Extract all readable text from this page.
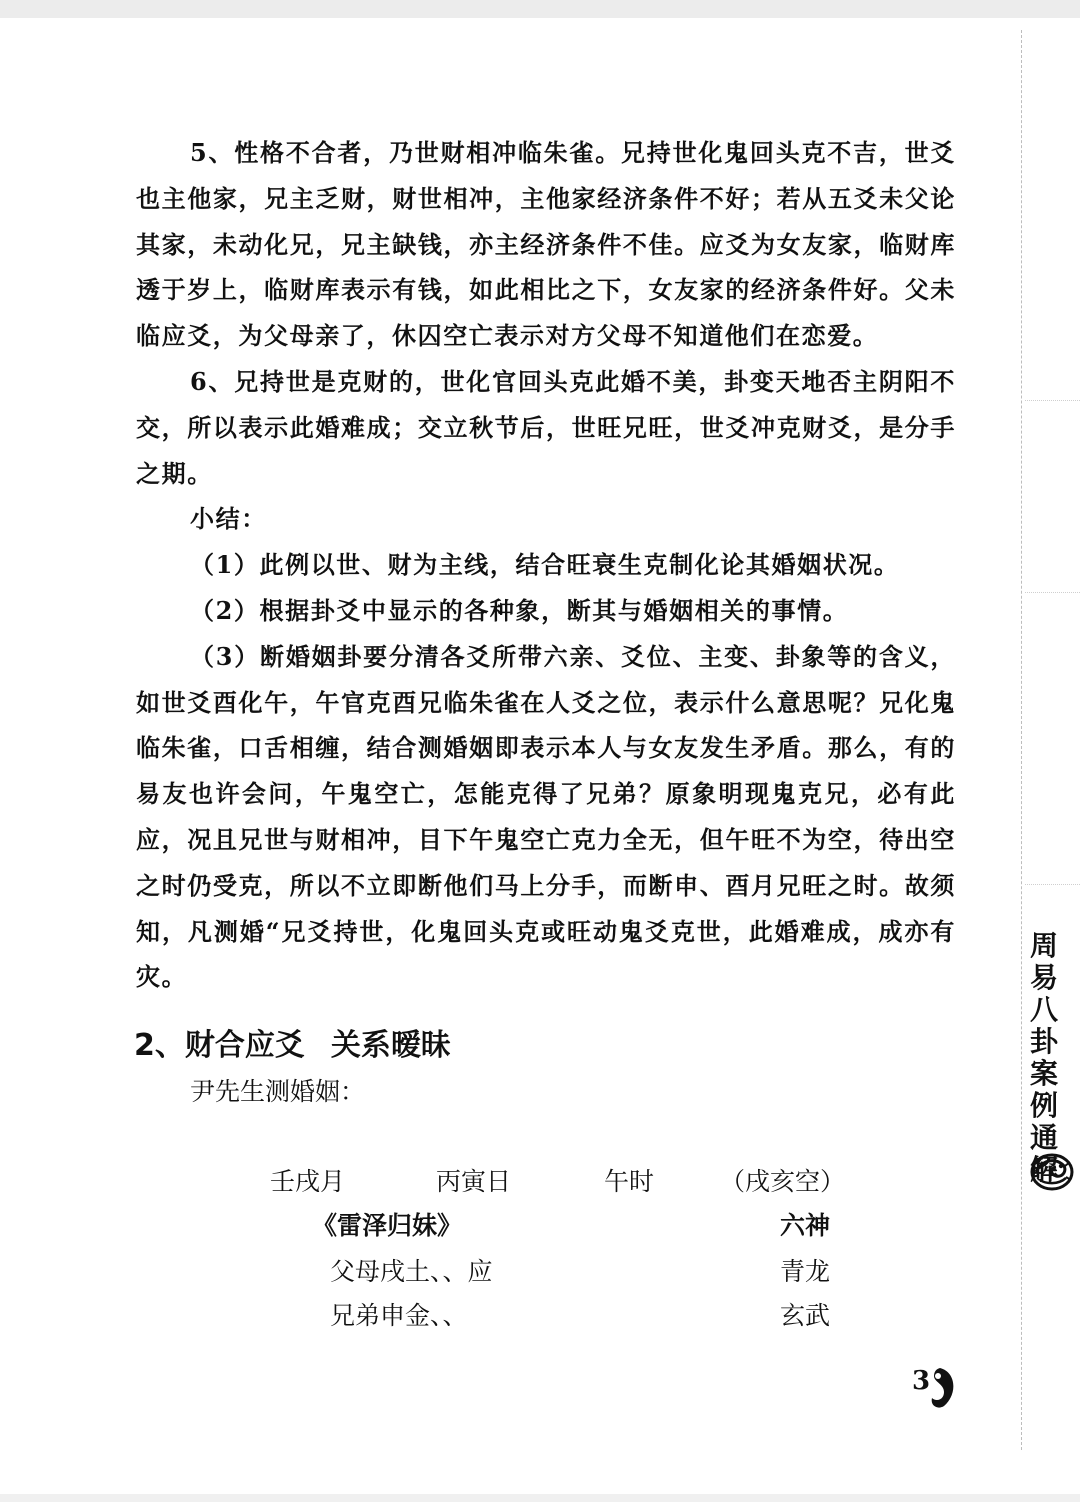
5、性格不合者，乃世财相冲临朱雀。兄持世化鬼回头克不吉，世爻也主他家，兄主乏财，财世相冲，主他家经济条件不好；若从五爻未父论其家，未动化兄，兄主缺钱，亦主经济条件不佳。应爻为女友家，临财库透于岁上，临财库表示有钱，如此相比之下，女友家的经济条件好。父未临应爻，为父母亲了，休囚空亡表示对方父母不知道他们在恋爱。

6、兄持世是克财的，世化官回头克此婚不美，卦变天地否主阴阳不交，所以表示此婚难成；交立秋节后，世旺兄旺，世爻冲克财爻，是分手之期。

小结：

（1）此例以世、财为主线，结合旺衰生克制化论其婚姻状况。

（2）根据卦爻中显示的各种象，断其与婚姻相关的事情。

（3）断婚姻卦要分清各爻所带六亲、爻位、主变、卦象等的含义，如世爻酉化午，午官克酉兄临朱雀在人爻之位，表示什么意思呢？兄化鬼临朱雀，口舌相缠，结合测婚姻即表示本人与女友发生矛盾。那么，有的易友也许会问，午鬼空亡，怎能克得了兄弟？原象明现鬼克兄，必有此应，况且兄世与财相冲，目下午鬼空亡克力全无，但午旺不为空，待出空之时仍受克，所以不立即断他们马上分手，而断申、酉月兄旺之时。故须知，凡测婚“兄爻持世，化鬼回头克或旺动鬼爻克世，此婚难成，成亦有灾。

2、财合应爻 关系暧昧
尹先生测婚姻：
壬戌月	丙寅日	午时	（戌亥空）
《雷泽归妹》	六神
父母戌土、、应	青龙
兄弟申金、、	玄武
周
易
八
卦
案
例
通
解
3
